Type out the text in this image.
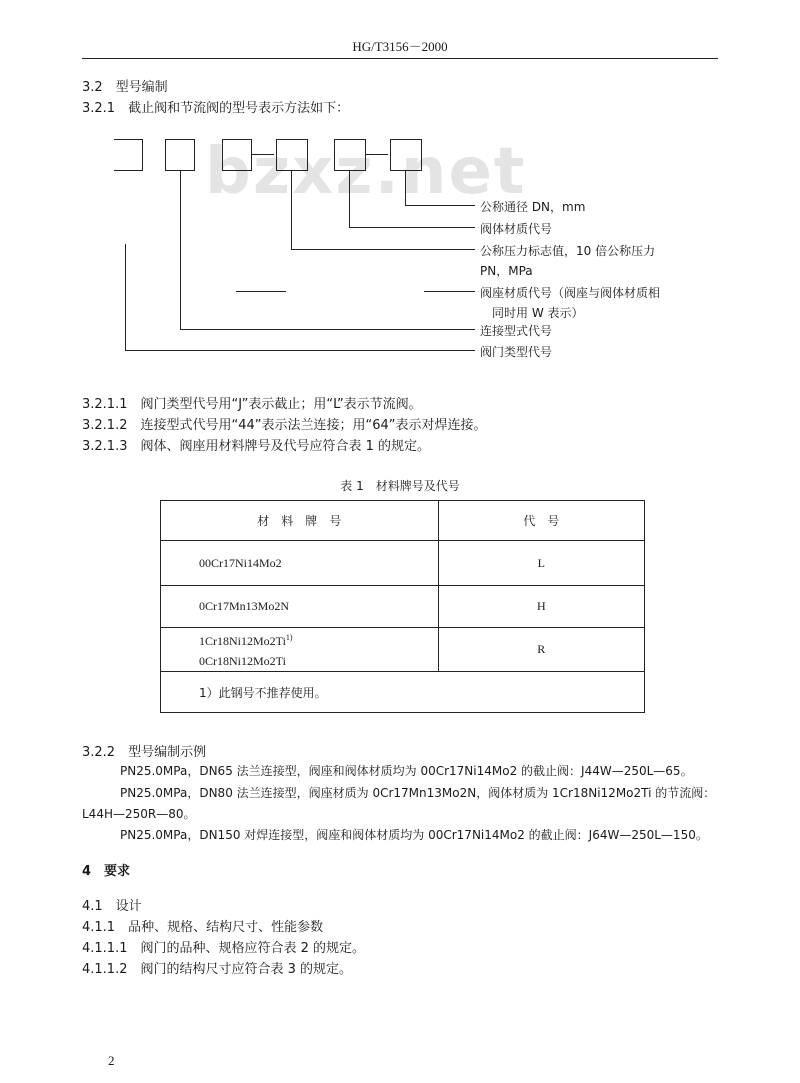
HG/T3156－2000
bzxz.net
3.2　型号编制
3.2.1　截止阀和节流阀的型号表示方法如下：
公称通径 DN，mm
阀体材质代号
公称压力标志值，10 倍公称压力
PN，MPa
阀座材质代号（阀座与阀体材质相
同时用 W 表示）
连接型式代号
阀门类型代号
3.2.1.1　阀门类型代号用“J”表示截止；用“L”表示节流阀。
3.2.1.2　连接型式代号用“44”表示法兰连接；用“64”表示对焊连接。
3.2.1.3　阀体、阀座用材料牌号及代号应符合表 1 的规定。
表 1　材料牌号及代号
材　料　牌　号	代　号
00Cr17Ni14Mo2	L
0Cr17Mn13Mo2N	H
1Cr18Ni12Mo2Ti$^{1)}$
0Cr18Ni12Mo2Ti	R
1）此钢号不推荐使用。	
3.2.2　型号编制示例
PN25.0MPa，DN65 法兰连接型，阀座和阀体材质均为 00Cr17Ni14Mo2 的截止阀：J44W—250L—65。
PN25.0MPa，DN80 法兰连接型，阀座材质为 0Cr17Mn13Mo2N，阀体材质为 1Cr18Ni12Mo2Ti 的节流阀：
L44H—250R—80。
PN25.0MPa，DN150 对焊连接型，阀座和阀体材质均为 00Cr17Ni14Mo2 的截止阀：J64W—250L—150。
4　要求
4.1　设计
4.1.1　品种、规格、结构尺寸、性能参数
4.1.1.1　阀门的品种、规格应符合表 2 的规定。
4.1.1.2　阀门的结构尺寸应符合表 3 的规定。
2
